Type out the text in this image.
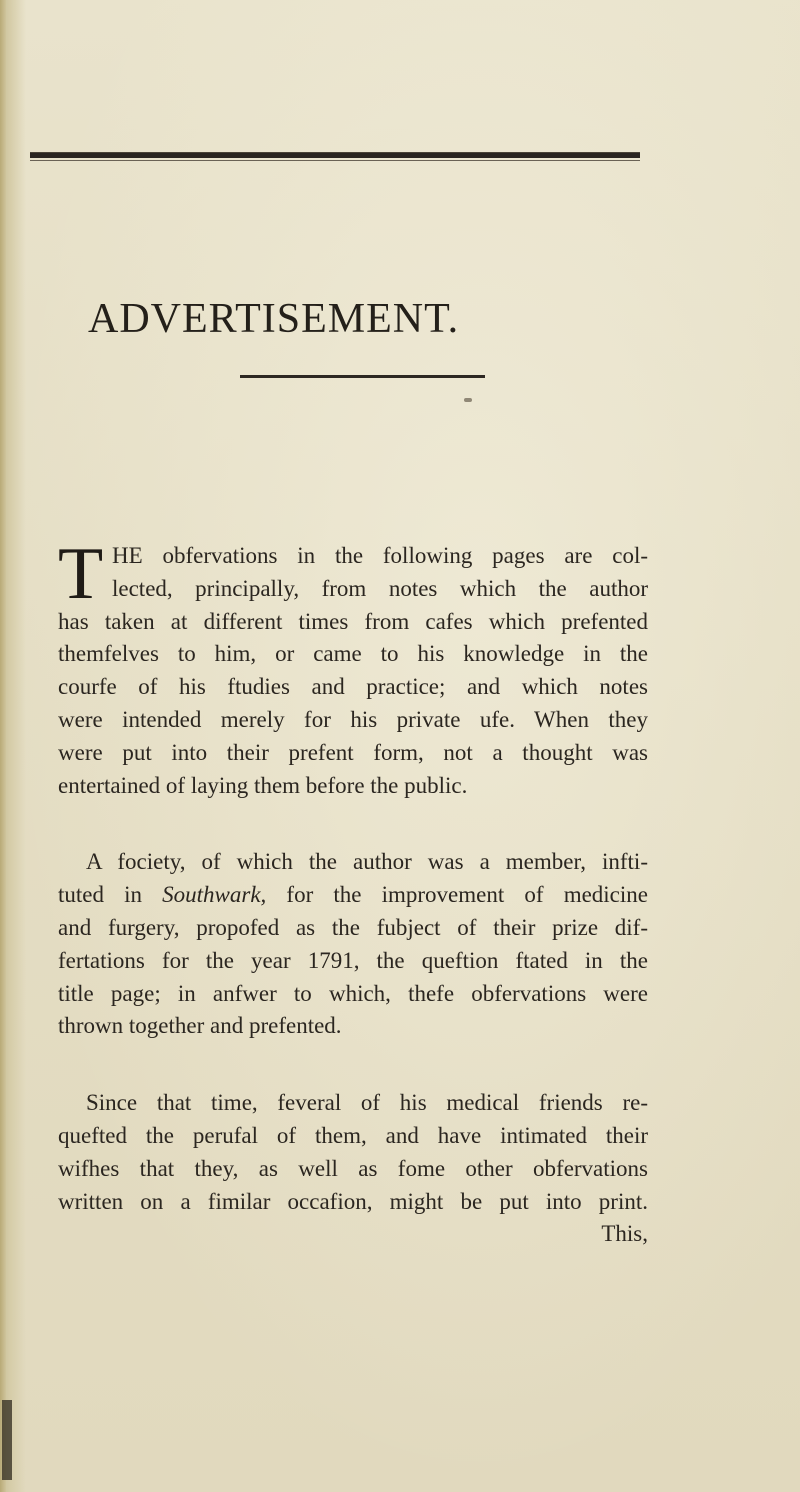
ADVERTISEMENT.
T HE obfervations in the following pages are col-
lected, principally, from notes which the author
has taken at different times from cafes which prefented
themfelves to him, or came to his knowledge in the
courfe of his ftudies and practice; and which notes
were intended merely for his private ufe. When they
were put into their prefent form, not a thought was
entertained of laying them before the public.

A fociety, of which the author was a member, infti-
tuted in Southwark, for the improvement of medicine
and furgery, propofed as the fubject of their prize dif-
fertations for the year 1791, the queftion ftated in the
title page; in anfwer to which, thefe obfervations were
thrown together and prefented.

Since that time, feveral of his medical friends re-
quefted the perufal of them, and have intimated their
wifhes that they, as well as fome other obfervations
written on a fimilar occafion, might be put into print.

This,
